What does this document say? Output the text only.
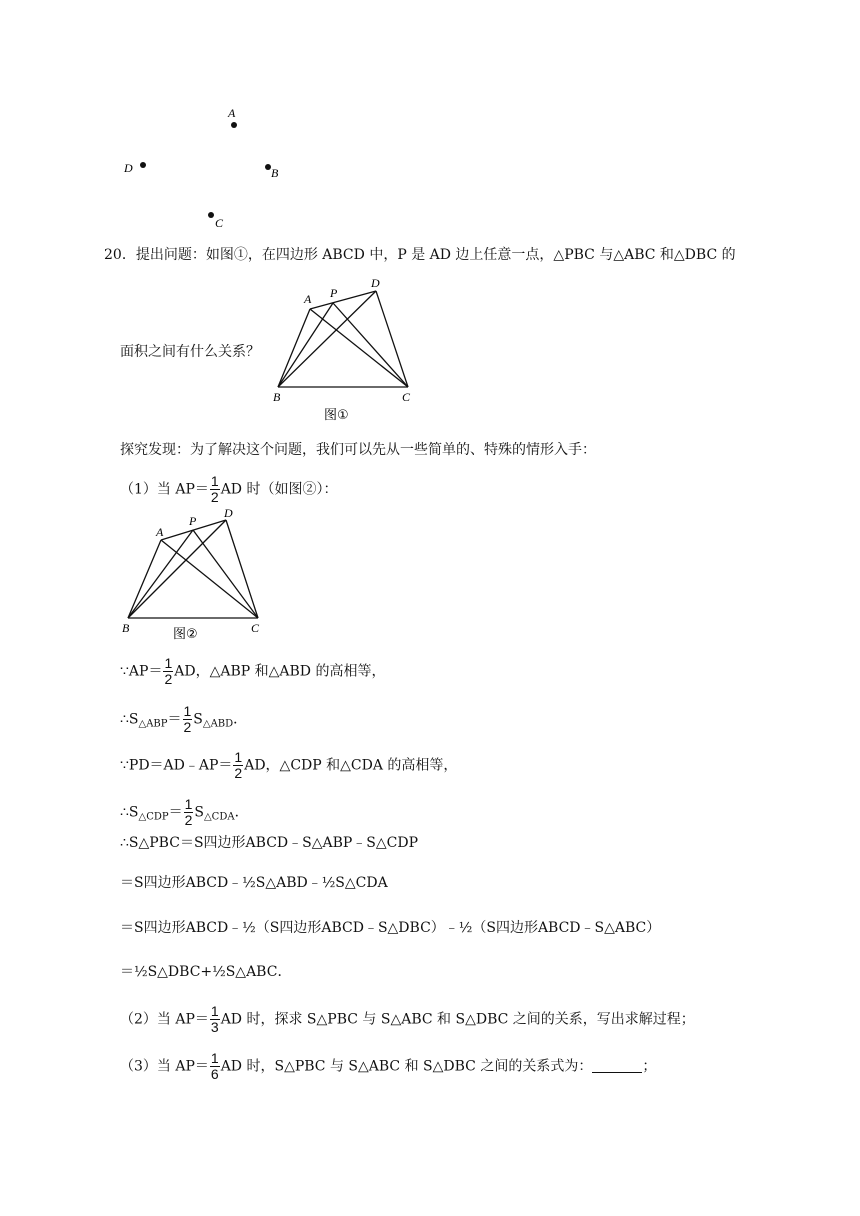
A
D	B
C
20．提出问题：如图①，在四边形 ABCD 中，P 是 AD 边上任意一点，△PBC 与△ABC 和△DBC 的
A P
D
B	C
图①
面积之间有什么关系？
探究发现：为了解决这个问题，我们可以先从一些简单的、特殊的情形入手：
（1）当 $AP= \frac{1}{2}$ AD 时（如图②）：
A
P
D
B	C
图②
∵AP＝ $\frac{1}{2}$ AD，△ABP 和△ABD 的高相等，
$\therefore S_{\triangle ABP}= \frac{1}{2} S_{\triangle ABD}$．
∵PD＝AD﹣AP＝ $\frac{1}{2}$ AD，△CDP 和△CDA 的高相等，
$\therefore S_{\triangle CDP}= \frac{1}{2} S_{\triangle CDA}$．
∴S△PBC＝S四边形ABCD﹣S△ABP﹣S△CDP
＝S四边形ABCD﹣½S△ABD﹣½S△CDA
＝S四边形ABCD﹣½（S四边形ABCD﹣S△DBC）﹣½（S四边形ABCD﹣S△ABC）
＝½S△DBC+½S△ABC．
（2）当 $AP= \frac{1}{3}$ AD 时，探求 S△PBC 与 S△ABC 和 S△DBC 之间的关系，写出求解过程；
（3）当 $AP= \frac{1}{6}$ AD 时，S△PBC 与 S△ABC 和 S△DBC 之间的关系式为：	；
